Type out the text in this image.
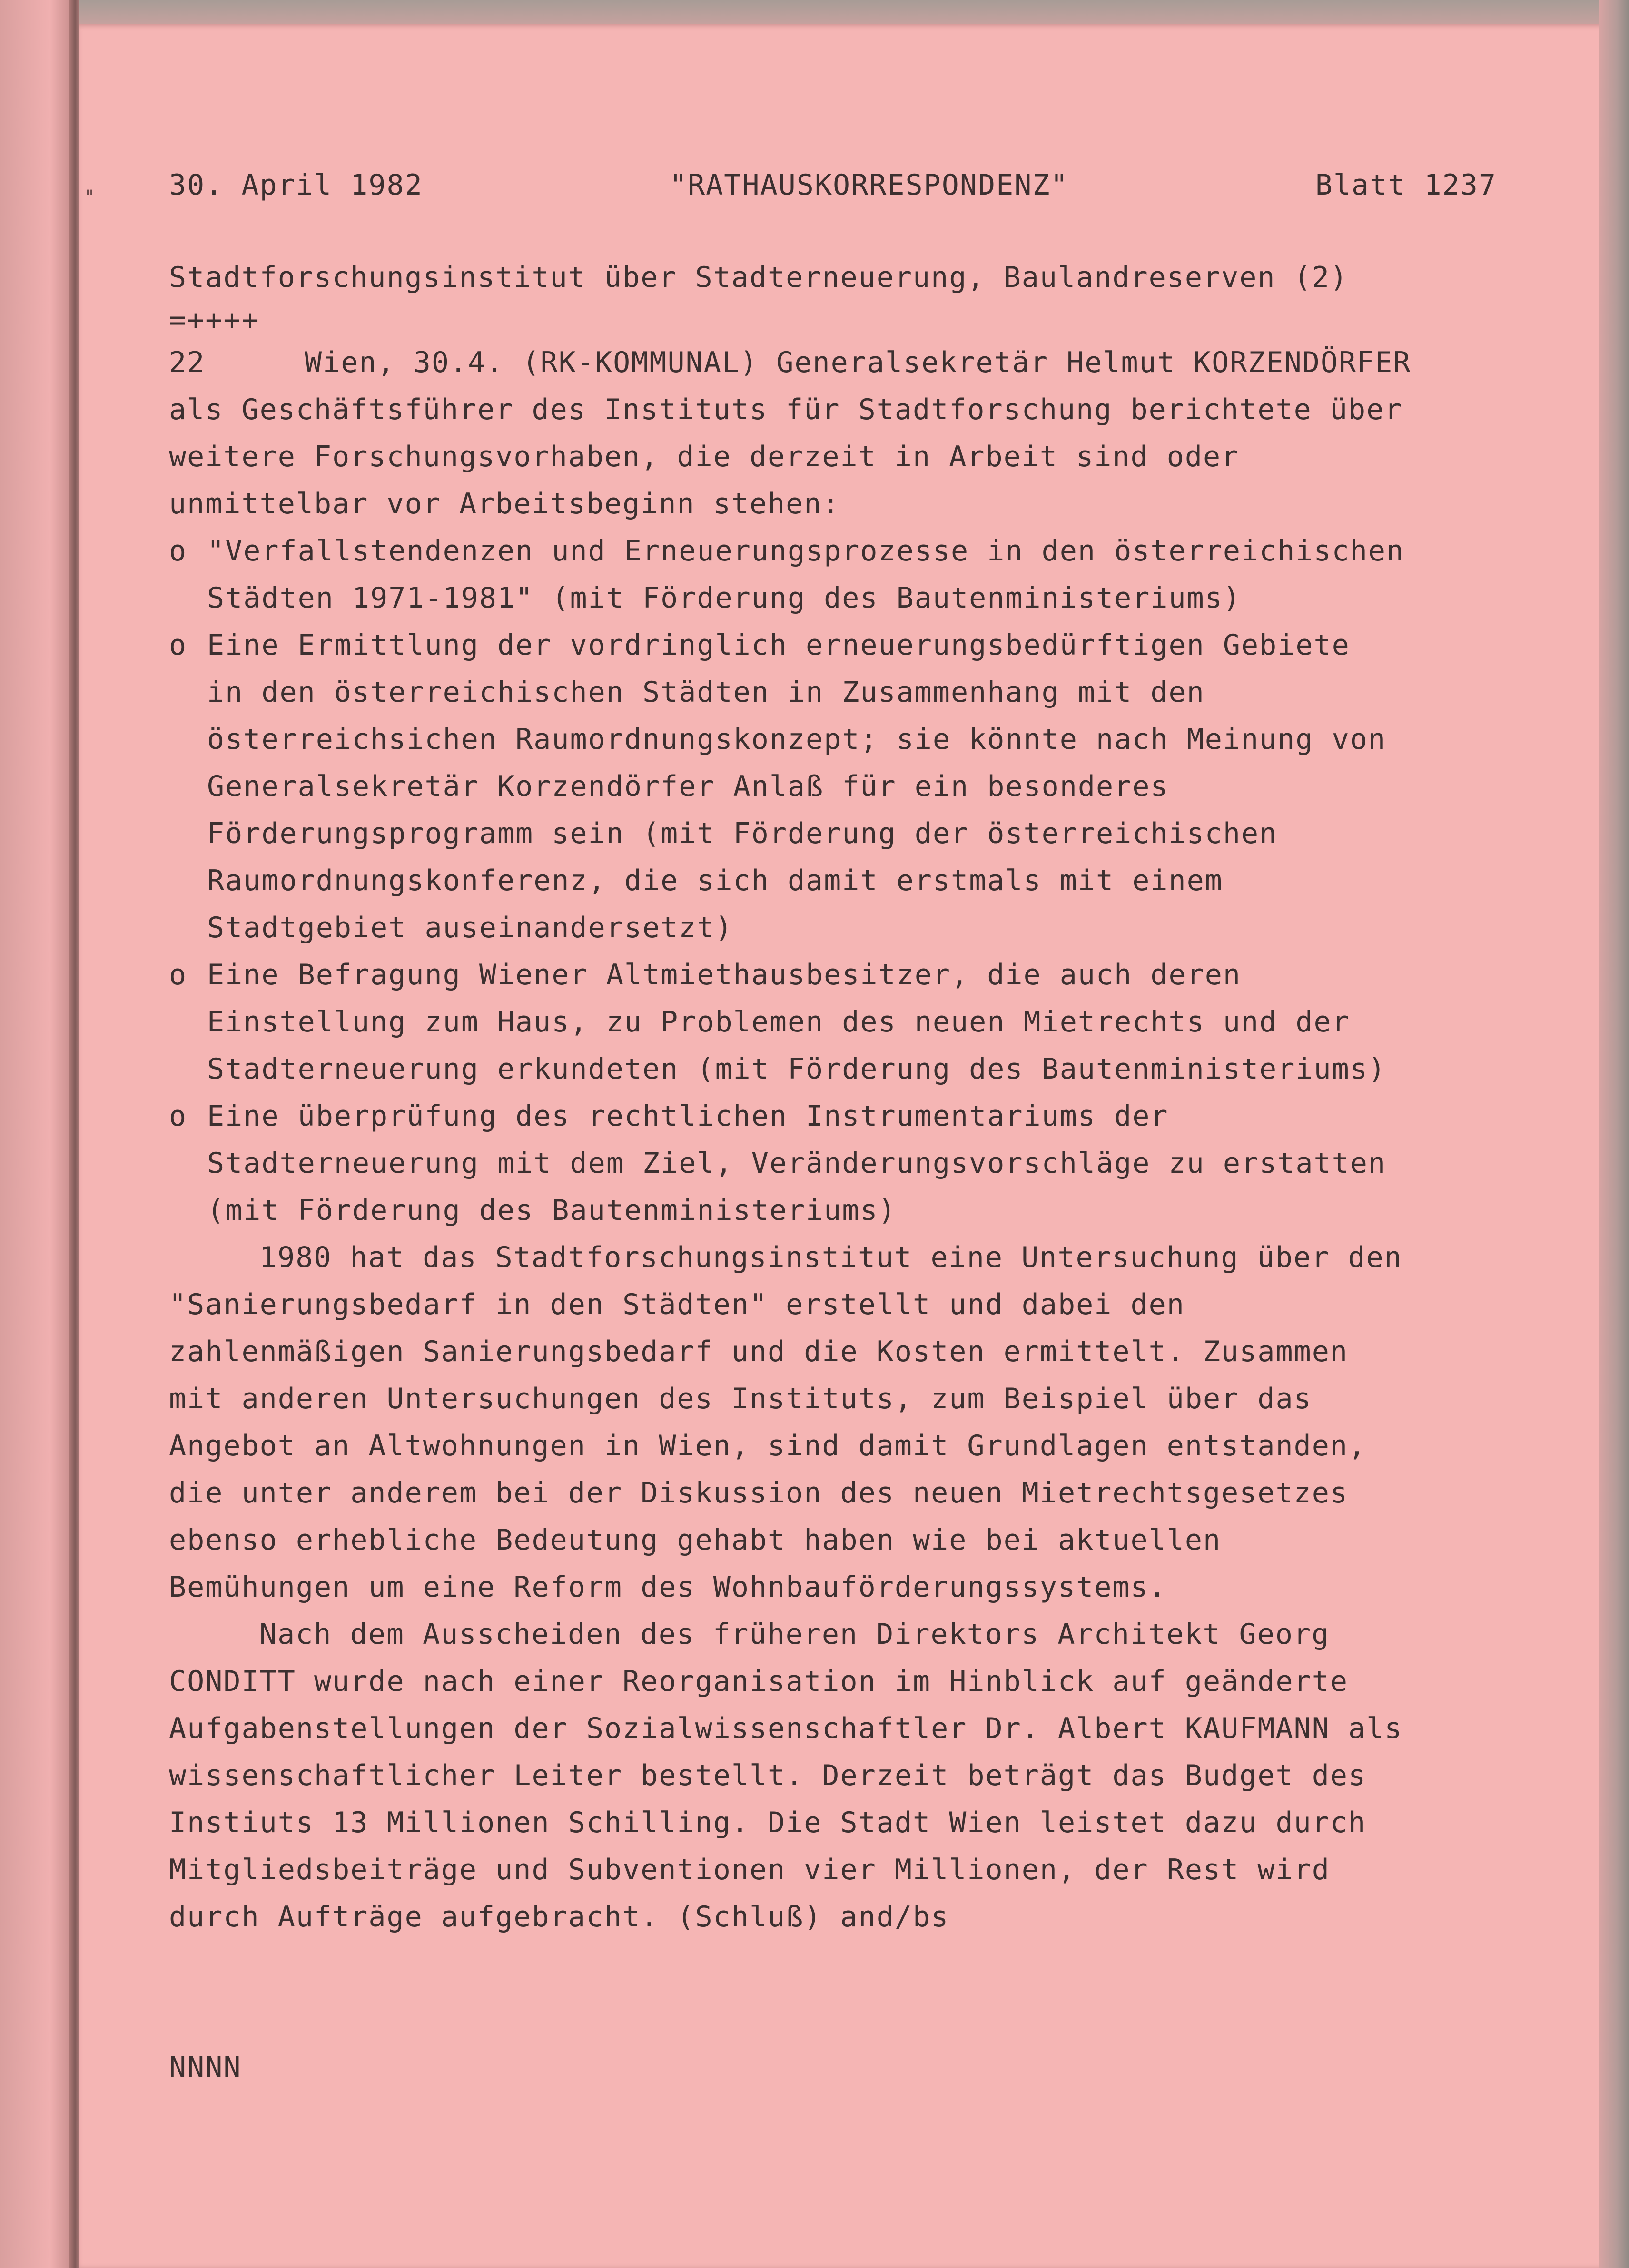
"	30. April 1982	"RATHAUSKORRESPONDENZ"	Blatt 1237
Stadtforschungsinstitut über Stadterneuerung, Baulandreserven (2)
=++++
22	Wien, 30.4. (RK-KOMMUNAL) Generalsekretär Helmut KORZENDÖRFER
als Geschäftsführer des Instituts für Stadtforschung berichtete über
weitere Forschungsvorhaben, die derzeit in Arbeit sind oder
unmittelbar vor Arbeitsbeginn stehen:
o "Verfallstendenzen und Erneuerungsprozesse in den österreichischen
Städten 1971-1981" (mit Förderung des Bautenministeriums)
o Eine Ermittlung der vordringlich erneuerungsbedürftigen Gebiete
in den österreichischen Städten in Zusammenhang mit den
österreichsichen Raumordnungskonzept; sie könnte nach Meinung von
Generalsekretär Korzendörfer Anlaß für ein besonderes
Förderungsprogramm sein (mit Förderung der österreichischen
Raumordnungskonferenz, die sich damit erstmals mit einem
Stadtgebiet auseinandersetzt)
o Eine Befragung Wiener Altmiethausbesitzer, die auch deren
Einstellung zum Haus, zu Problemen des neuen Mietrechts und der
Stadterneuerung erkundeten (mit Förderung des Bautenministeriums)
o Eine überprüfung des rechtlichen Instrumentariums der
Stadterneuerung mit dem Ziel, Veränderungsvorschläge zu erstatten
(mit Förderung des Bautenministeriums)
1980 hat das Stadtforschungsinstitut eine Untersuchung über den
"Sanierungsbedarf in den Städten" erstellt und dabei den
zahlenmäßigen Sanierungsbedarf und die Kosten ermittelt. Zusammen
mit anderen Untersuchungen des Instituts, zum Beispiel über das
Angebot an Altwohnungen in Wien, sind damit Grundlagen entstanden,
die unter anderem bei der Diskussion des neuen Mietrechtsgesetzes
ebenso erhebliche Bedeutung gehabt haben wie bei aktuellen
Bemühungen um eine Reform des Wohnbauförderungssystems.
Nach dem Ausscheiden des früheren Direktors Architekt Georg
CONDITT wurde nach einer Reorganisation im Hinblick auf geänderte
Aufgabenstellungen der Sozialwissenschaftler Dr. Albert KAUFMANN als
wissenschaftlicher Leiter bestellt. Derzeit beträgt das Budget des
Instiuts 13 Millionen Schilling. Die Stadt Wien leistet dazu durch
Mitgliedsbeiträge und Subventionen vier Millionen, der Rest wird
durch Aufträge aufgebracht. (Schluß) and/bs
NNNN
